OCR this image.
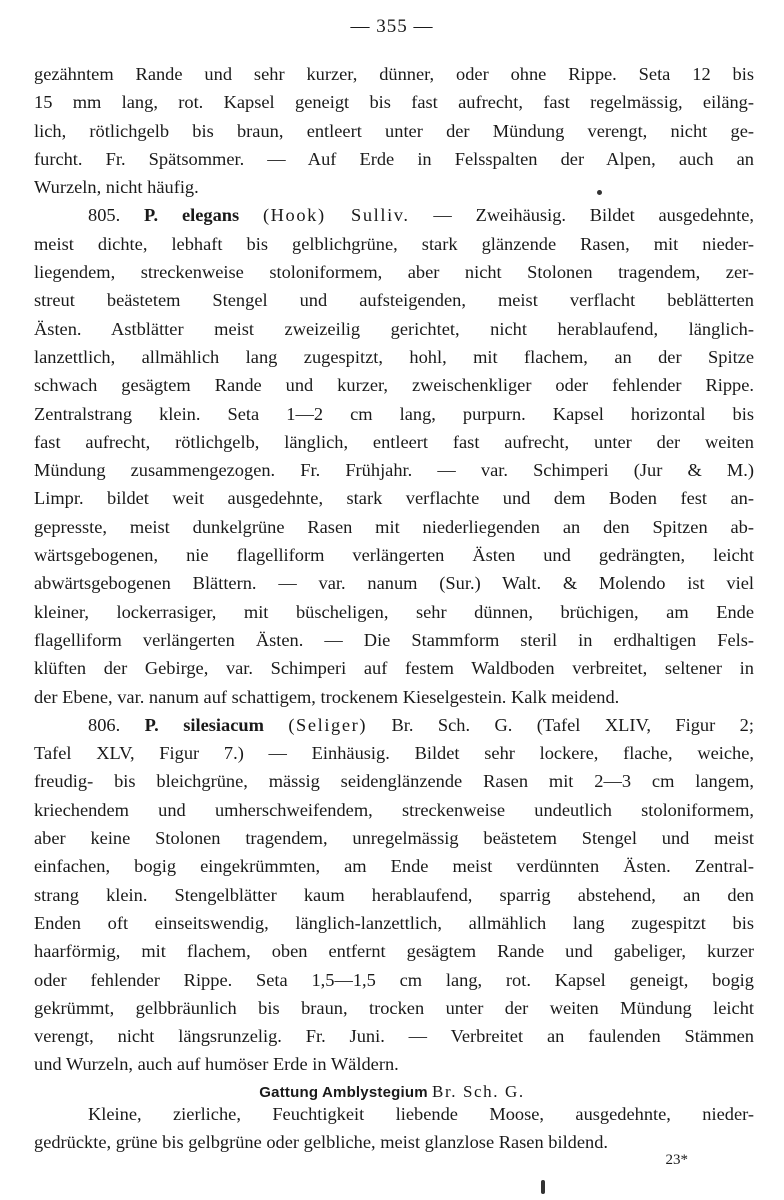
— 355 —
gezähntem Rande und sehr kurzer, dünner, oder ohne Rippe. Seta 12 bis
15 mm lang, rot. Kapsel geneigt bis fast aufrecht, fast regelmässig, eiläng-
lich, rötlichgelb bis braun, entleert unter der Mündung verengt, nicht ge-
furcht. Fr. Spätsommer. — Auf Erde in Felsspalten der Alpen, auch an
Wurzeln, nicht häufig.
805. P. elegans (Hook) Sulliv. — Zweihäusig. Bildet ausgedehnte,
meist dichte, lebhaft bis gelblichgrüne, stark glänzende Rasen, mit nieder-
liegendem, streckenweise stoloniformem, aber nicht Stolonen tragendem, zer-
streut beästetem Stengel und aufsteigenden, meist verflacht beblätterten
Ästen. Astblätter meist zweizeilig gerichtet, nicht herablaufend, länglich-
lanzettlich, allmählich lang zugespitzt, hohl, mit flachem, an der Spitze
schwach gesägtem Rande und kurzer, zweischenkliger oder fehlender Rippe.
Zentralstrang klein. Seta 1—2 cm lang, purpurn. Kapsel horizontal bis
fast aufrecht, rötlichgelb, länglich, entleert fast aufrecht, unter der weiten
Mündung zusammengezogen. Fr. Frühjahr. — var. Schimperi (Jur & M.)
Limpr. bildet weit ausgedehnte, stark verflachte und dem Boden fest an-
gepresste, meist dunkelgrüne Rasen mit niederliegenden an den Spitzen ab-
wärtsgebogenen, nie flagelliform verlängerten Ästen und gedrängten, leicht
abwärtsgebogenen Blättern. — var. nanum (Sur.) Walt. & Molendo ist viel
kleiner, lockerrasiger, mit büscheligen, sehr dünnen, brüchigen, am Ende
flagelliform verlängerten Ästen. — Die Stammform steril in erdhaltigen Fels-
klüften der Gebirge, var. Schimperi auf festem Waldboden verbreitet, seltener in
der Ebene, var. nanum auf schattigem, trockenem Kieselgestein. Kalk meidend.
806. P. silesiacum (Seliger) Br. Sch. G. (Tafel XLIV, Figur 2;
Tafel XLV, Figur 7.) — Einhäusig. Bildet sehr lockere, flache, weiche,
freudig- bis bleichgrüne, mässig seidenglänzende Rasen mit 2—3 cm langem,
kriechendem und umherschweifendem, streckenweise undeutlich stoloniformem,
aber keine Stolonen tragendem, unregelmässig beästetem Stengel und meist
einfachen, bogig eingekrümmten, am Ende meist verdünnten Ästen. Zentral-
strang klein. Stengelblätter kaum herablaufend, sparrig abstehend, an den
Enden oft einseitswendig, länglich-lanzettlich, allmählich lang zugespitzt bis
haarförmig, mit flachem, oben entfernt gesägtem Rande und gabeliger, kurzer
oder fehlender Rippe. Seta 1,5—1,5 cm lang, rot. Kapsel geneigt, bogig
gekrümmt, gelbbräunlich bis braun, trocken unter der weiten Mündung leicht
verengt, nicht längsrunzelig. Fr. Juni. — Verbreitet an faulenden Stämmen
und Wurzeln, auch auf humöser Erde in Wäldern.
Gattung Amblystegium Br. Sch. G.
Kleine, zierliche, Feuchtigkeit liebende Moose, ausgedehnte, nieder-
gedrückte, grüne bis gelbgrüne oder gelbliche, meist glanzlose Rasen bildend.
23*
